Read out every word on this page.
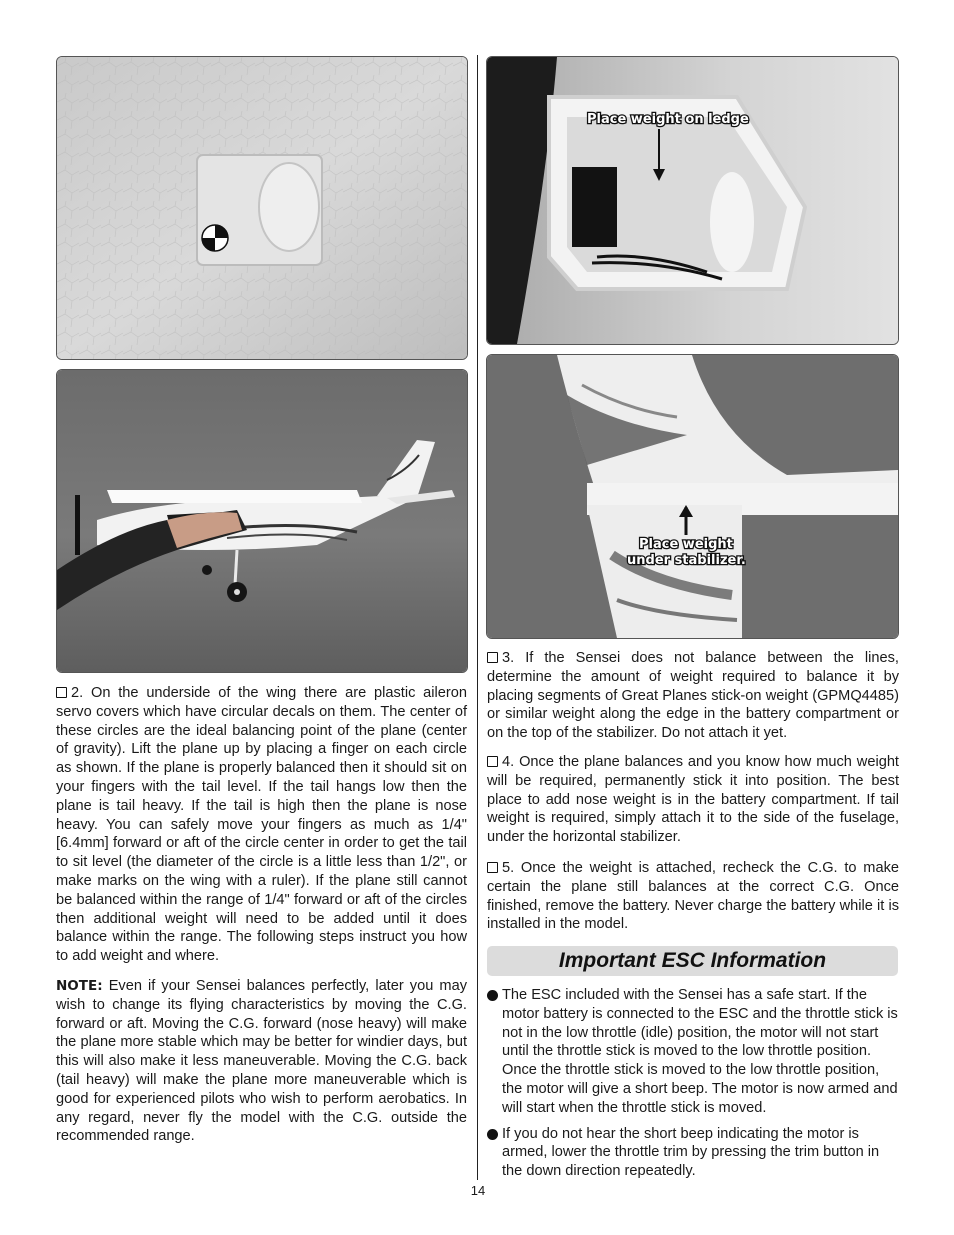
Place weight on ledge
Place weight
under stabilizer.

2. On the underside of the wing there are plastic aileron servo covers which have circular decals on them. The center of these circles are the ideal balancing point of the plane (center of gravity). Lift the plane up by placing a finger on each circle as shown. If the plane is properly balanced then it should sit on your fingers with the tail level. If the tail hangs low then the plane is tail heavy. If the tail is high then the plane is nose heavy. You can safely move your fingers as much as 1/4" [6.4mm] forward or aft of the circle center in order to get the tail to sit level (the diameter of the circle is a little less than 1/2", or make marks on the wing with a ruler). If the plane still cannot be balanced within the range of 1/4" forward or aft of the circles then additional weight will need to be added until it does balance within the range. The following steps instruct you how to add weight and where.

NOTE: Even if your Sensei balances perfectly, later you may wish to change its flying characteristics by moving the C.G. forward or aft. Moving the C.G. forward (nose heavy) will make the plane more stable which may be better for windier days, but this will also make it less maneuverable. Moving the C.G. back (tail heavy) will make the plane more maneuverable which is good for experienced pilots who wish to perform aerobatics. In any regard, never fly the model with the C.G. outside the recommended range.

3. If the Sensei does not balance between the lines, determine the amount of weight required to balance it by placing segments of Great Planes stick-on weight (GPMQ4485) or similar weight along the edge in the battery compartment or on the top of the stabilizer. Do not attach it yet.

4. Once the plane balances and you know how much weight will be required, permanently stick it into position. The best place to add nose weight is in the battery compartment. If tail weight is required, simply attach it to the side of the fuselage, under the horizontal stabilizer.

5. Once the weight is attached, recheck the C.G. to make certain the plane still balances at the correct C.G. Once finished, remove the battery. Never charge the battery while it is installed in the model.

Important ESC Information
The ESC included with the Sensei has a safe start. If the motor battery is connected to the ESC and the throttle stick is not in the low throttle (idle) position, the motor will not start until the throttle stick is moved to the low throttle position. Once the throttle stick is moved to the low throttle position, the motor will give a short beep. The motor is now armed and will start when the throttle stick is moved.
If you do not hear the short beep indicating the motor is armed, lower the throttle trim by pressing the trim button in the down direction repeatedly.
14
